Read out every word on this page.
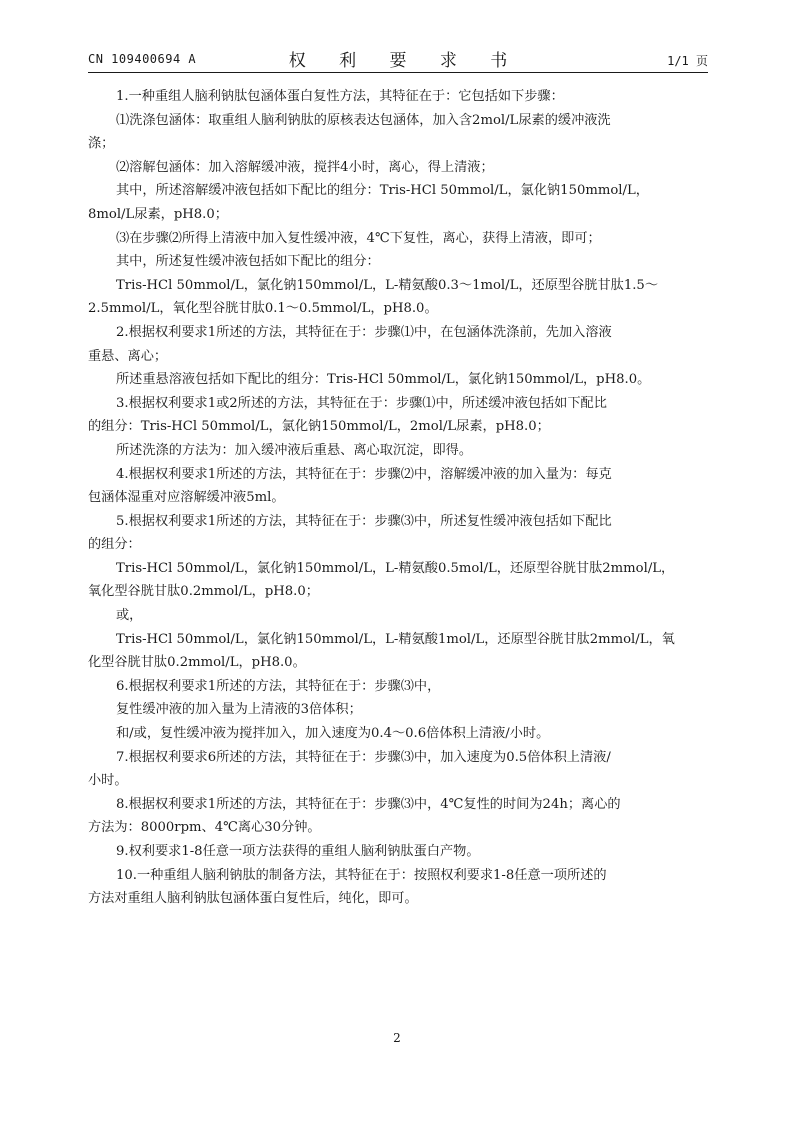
CN 109400694 A	权 利 要 求 书	1/1 页
1.一种重组人脑利钠肽包涵体蛋白复性方法，其特征在于：它包括如下步骤：
⑴洗涤包涵体：取重组人脑利钠肽的原核表达包涵体，加入含2mol/L尿素的缓冲液洗
涤；
⑵溶解包涵体：加入溶解缓冲液，搅拌4小时，离心，得上清液；
其中，所述溶解缓冲液包括如下配比的组分：Tris-HCl 50mmol/L，氯化钠150mmol/L，
8mol/L尿素，pH8.0；
⑶在步骤⑵所得上清液中加入复性缓冲液，4℃下复性，离心，获得上清液，即可；
其中，所述复性缓冲液包括如下配比的组分：
Tris-HCl 50mmol/L，氯化钠150mmol/L，L-精氨酸0.3～1mol/L，还原型谷胱甘肽1.5～
2.5mmol/L，氧化型谷胱甘肽0.1～0.5mmol/L，pH8.0。
2.根据权利要求1所述的方法，其特征在于：步骤⑴中，在包涵体洗涤前，先加入溶液
重悬、离心；
所述重悬溶液包括如下配比的组分：Tris-HCl 50mmol/L，氯化钠150mmol/L，pH8.0。
3.根据权利要求1或2所述的方法，其特征在于：步骤⑴中，所述缓冲液包括如下配比
的组分：Tris-HCl 50mmol/L，氯化钠150mmol/L，2mol/L尿素，pH8.0；
所述洗涤的方法为：加入缓冲液后重悬、离心取沉淀，即得。
4.根据权利要求1所述的方法，其特征在于：步骤⑵中，溶解缓冲液的加入量为：每克
包涵体湿重对应溶解缓冲液5ml。
5.根据权利要求1所述的方法，其特征在于：步骤⑶中，所述复性缓冲液包括如下配比
的组分：
Tris-HCl 50mmol/L，氯化钠150mmol/L，L-精氨酸0.5mol/L，还原型谷胱甘肽2mmol/L，
氧化型谷胱甘肽0.2mmol/L，pH8.0；
或，
Tris-HCl 50mmol/L，氯化钠150mmol/L，L-精氨酸1mol/L，还原型谷胱甘肽2mmol/L，氧
化型谷胱甘肽0.2mmol/L，pH8.0。
6.根据权利要求1所述的方法，其特征在于：步骤⑶中，
复性缓冲液的加入量为上清液的3倍体积；
和/或，复性缓冲液为搅拌加入，加入速度为0.4～0.6倍体积上清液/小时。
7.根据权利要求6所述的方法，其特征在于：步骤⑶中，加入速度为0.5倍体积上清液/
小时。
8.根据权利要求1所述的方法，其特征在于：步骤⑶中，4℃复性的时间为24h；离心的
方法为：8000rpm、4℃离心30分钟。
9.权利要求1-8任意一项方法获得的重组人脑利钠肽蛋白产物。
10.一种重组人脑利钠肽的制备方法，其特征在于：按照权利要求1-8任意一项所述的
方法对重组人脑利钠肽包涵体蛋白复性后，纯化，即可。
2
